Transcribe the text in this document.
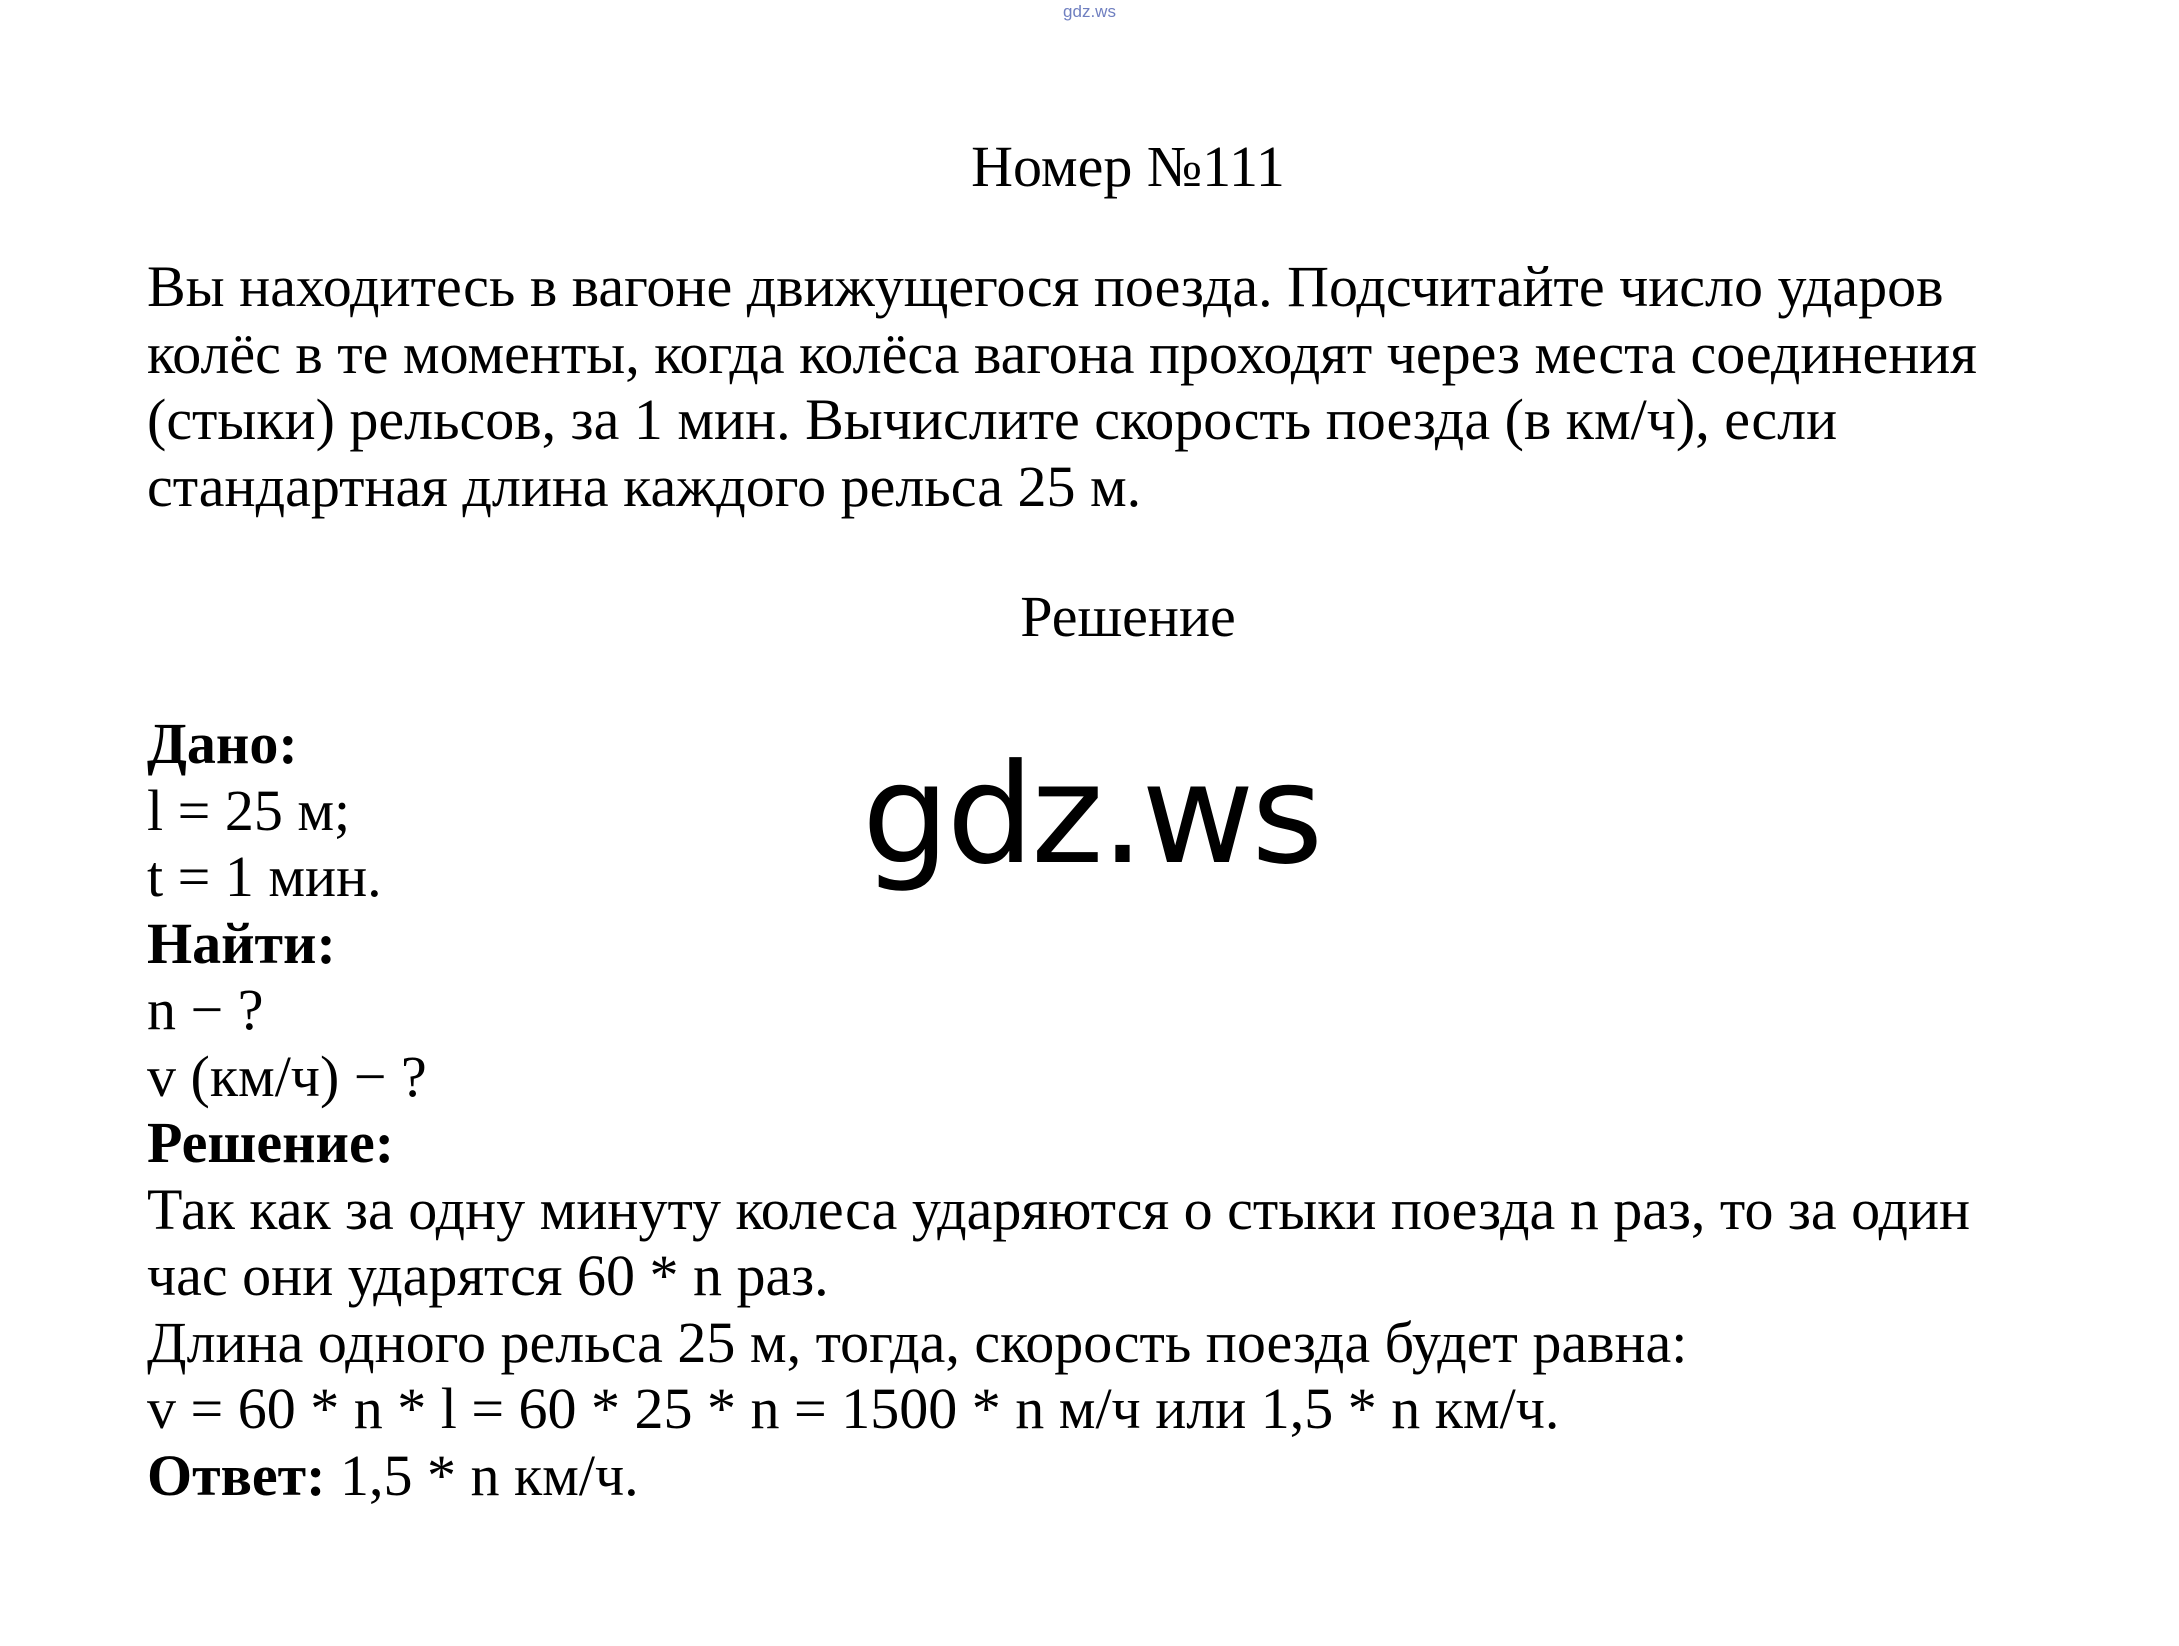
gdz.ws
Номер №111
Вы находитесь в вагоне движущегося поезда. Подсчитайте число ударов
колёс в те моменты, когда колёса вагона проходят через места соединения
(стыки) рельсов, за 1 мин. Вычислите скорость поезда (в км/ч), если
стандартная длина каждого рельса 25 м.
Решение
Дано:
l = 25 м;
t = 1 мин.
Найти:
n − ?
v (км/ч) − ?
Решение:
Так как за одну минуту колеса ударяются о стыки поезда n раз, то за один
час они ударятся 60 * n раз.
Длина одного рельса 25 м, тогда, скорость поезда будет равна:
v = 60 * n * l = 60 * 25 * n = 1500 * n м/ч или 1,5 * n км/ч.
Ответ: 1,5 * n км/ч.
gdz.ws
